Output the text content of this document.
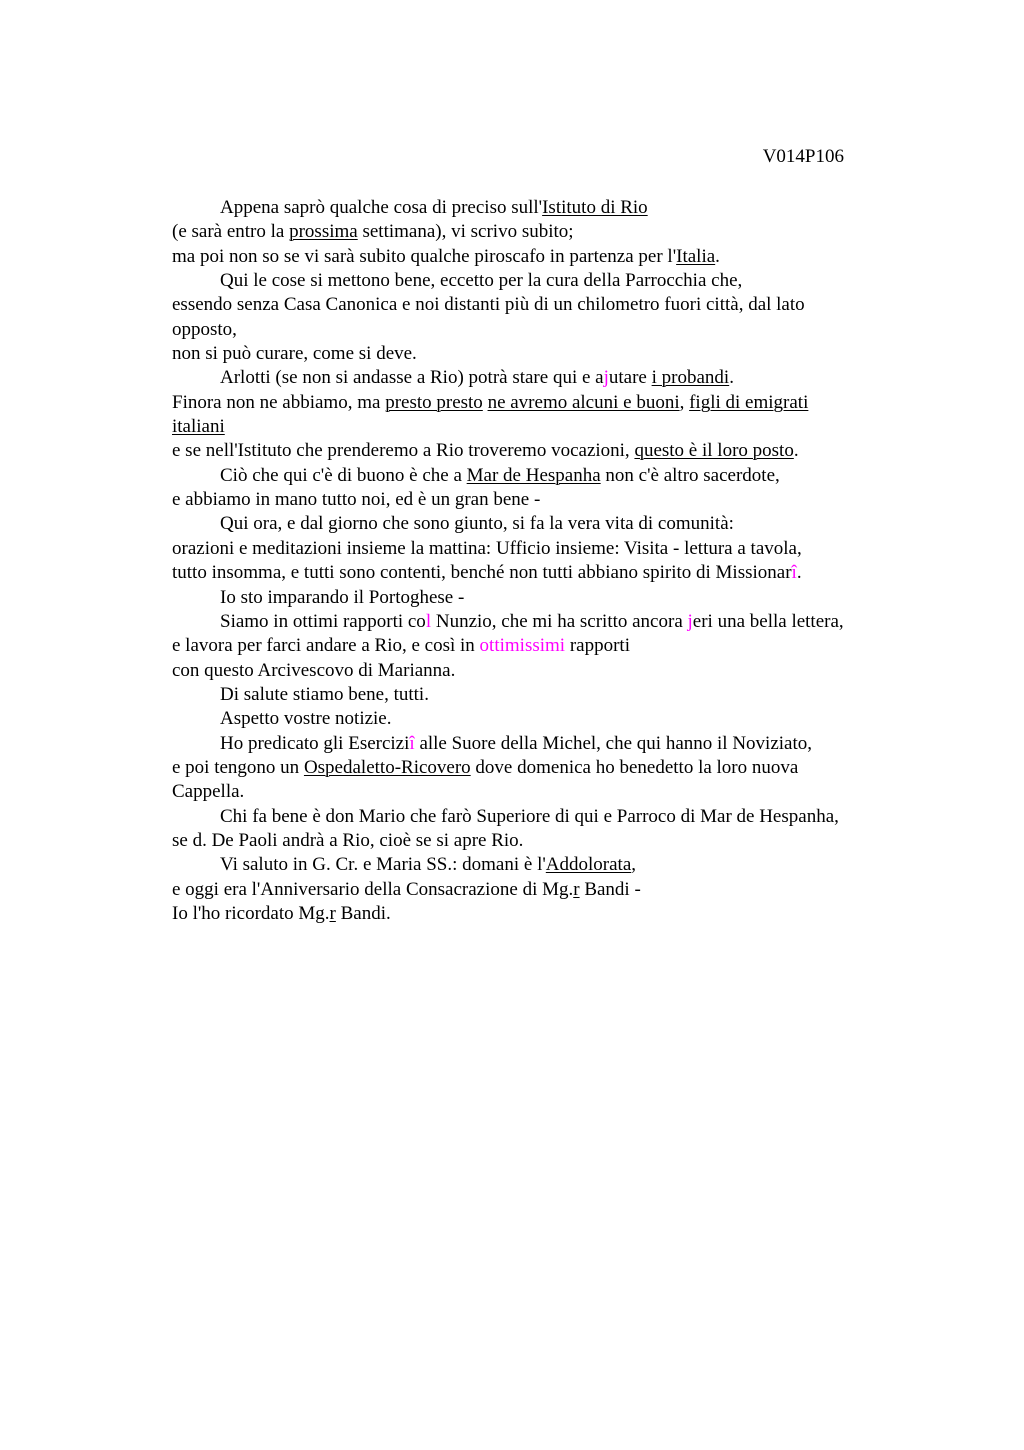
V014P106
Appena saprò qualche cosa di preciso sull'Istituto di Rio
(e sarà entro la prossima settimana), vi scrivo subito;
ma poi non so se vi sarà subito qualche piroscafo in partenza per l'Italia.
Qui le cose si mettono bene, eccetto per la cura della Parrocchia che,
essendo senza Casa Canonica e noi distanti più di un chilometro fuori città, dal lato
opposto,
non si può curare, come si deve.
Arlotti (se non si andasse a Rio) potrà stare qui e ajutare i probandi.
Finora non ne abbiamo, ma presto presto ne avremo alcuni e buoni, figli di emigrati
italiani
e se nell'Istituto che prenderemo a Rio troveremo vocazioni, questo è il loro posto.
Ciò che qui c'è di buono è che a Mar de Hespanha non c'è altro sacerdote,
e abbiamo in mano tutto noi, ed è un gran bene -
Qui ora, e dal giorno che sono giunto, si fa la vera vita di comunità:
orazioni e meditazioni insieme la mattina: Ufficio insieme: Visita - lettura a tavola,
tutto insomma, e tutti sono contenti, benché non tutti abbiano spirito di Missionarî.
Io sto imparando il Portoghese -
Siamo in ottimi rapporti col Nunzio, che mi ha scritto ancora jeri una bella lettera,
e lavora per farci andare a Rio, e così in ottimissimi rapporti
con questo Arcivescovo di Marianna.
Di salute stiamo bene, tutti.
Aspetto vostre notizie.
Ho predicato gli Eserciziî alle Suore della Michel, che qui hanno il Noviziato,
e poi tengono un Ospedaletto-Ricovero dove domenica ho benedetto la loro nuova
Cappella.
Chi fa bene è don Mario che farò Superiore di qui e Parroco di Mar de Hespanha,
se d. De Paoli andrà a Rio, cioè se si apre Rio.
Vi saluto in G. Cr. e Maria SS.: domani è l'Addolorata,
e oggi era l'Anniversario della Consacrazione di Mg.r Bandi -
Io l'ho ricordato Mg.r Bandi.
